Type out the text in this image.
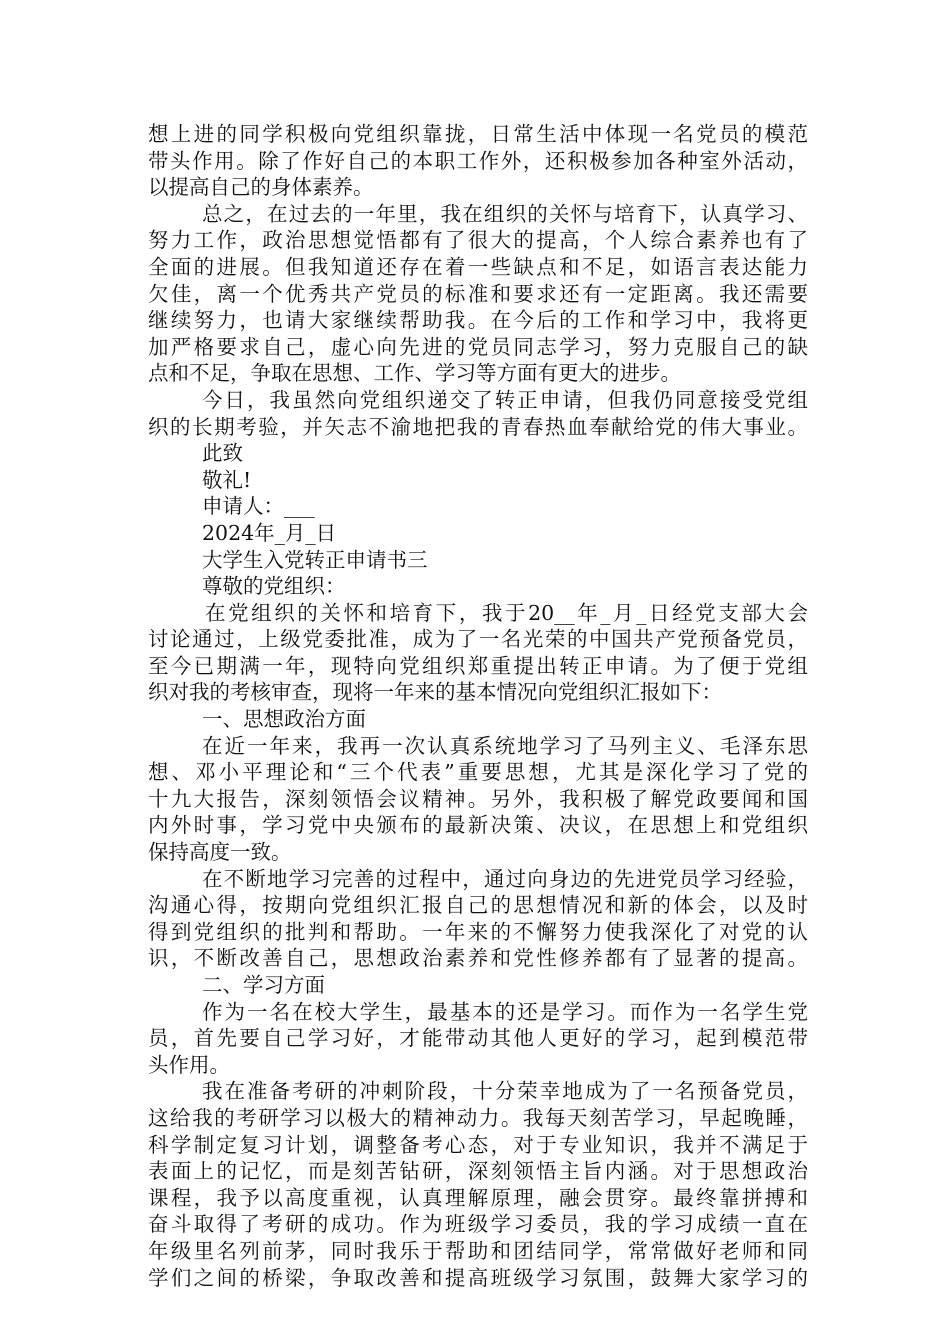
想上进的同学积极向党组织靠拢，日常生活中体现一名党员的模范
带头作用。除了作好自己的本职工作外，还积极参加各种室外活动，
以提高自己的身体素养。
总之，在过去的一年里，我在组织的关怀与培育下，认真学习、
努力工作，政治思想觉悟都有了很大的提高，个人综合素养也有了
全面的进展。但我知道还存在着一些缺点和不足，如语言表达能力
欠佳，离一个优秀共产党员的标准和要求还有一定距离。我还需要
继续努力，也请大家继续帮助我。在今后的工作和学习中，我将更
加严格要求自己，虚心向先进的党员同志学习，努力克服自己的缺
点和不足，争取在思想、工作、学习等方面有更大的进步。
今日，我虽然向党组织递交了转正申请，但我仍同意接受党组
织的长期考验，并矢志不渝地把我的青春热血奉献给党的伟大事业。
此致
敬礼!
申请人：___
2024年_月_日
大学生入党转正申请书三
尊敬的党组织：
在党组织的关怀和培育下，我于20__年_月_日经党支部大会
讨论通过，上级党委批准，成为了一名光荣的中国共产党预备党员，
至今已期满一年，现特向党组织郑重提出转正申请。为了便于党组
织对我的考核审查，现将一年来的基本情况向党组织汇报如下：
一、思想政治方面
在近一年来，我再一次认真系统地学习了马列主义、毛泽东思
想、邓小平理论和“三个代表”重要思想，尤其是深化学习了党的
十九大报告，深刻领悟会议精神。另外，我积极了解党政要闻和国
内外时事，学习党中央颁布的最新决策、决议，在思想上和党组织
保持高度一致。
在不断地学习完善的过程中，通过向身边的先进党员学习经验，
沟通心得，按期向党组织汇报自己的思想情况和新的体会，以及时
得到党组织的批判和帮助。一年来的不懈努力使我深化了对党的认
识，不断改善自己，思想政治素养和党性修养都有了显著的提高。
二、学习方面
作为一名在校大学生，最基本的还是学习。而作为一名学生党
员，首先要自己学习好，才能带动其他人更好的学习，起到模范带
头作用。
我在准备考研的冲刺阶段，十分荣幸地成为了一名预备党员，
这给我的考研学习以极大的精神动力。我每天刻苦学习，早起晚睡，
科学制定复习计划，调整备考心态，对于专业知识，我并不满足于
表面上的记忆，而是刻苦钻研，深刻领悟主旨内涵。对于思想政治
课程，我予以高度重视，认真理解原理，融会贯穿。最终靠拼搏和
奋斗取得了考研的成功。作为班级学习委员，我的学习成绩一直在
年级里名列前茅，同时我乐于帮助和团结同学，常常做好老师和同
学们之间的桥梁，争取改善和提高班级学习氛围，鼓舞大家学习的
